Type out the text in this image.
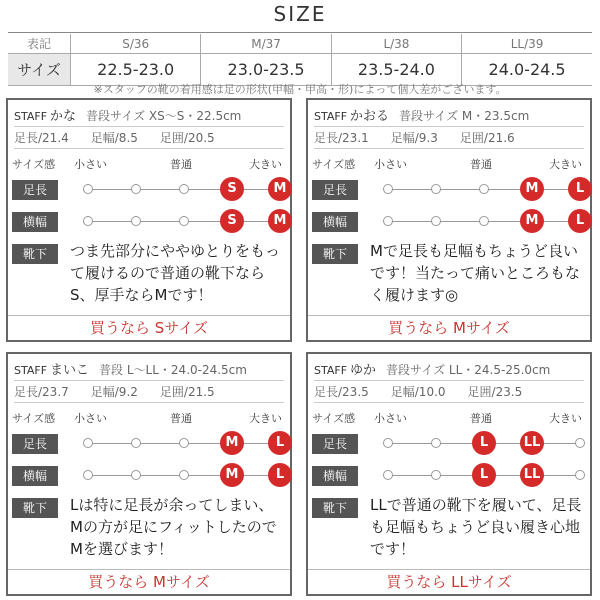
SIZE
表記	S/36	M/37	L/38	LL/39
サイズ	22.5-23.0	23.0-23.5	23.5-24.0	24.0-24.5
※スタッフの靴の着用感は足の形状(甲幅・甲高・形)によって個人差がございます。
STAFF かな 普段サイズ XS〜S・22.5cm
足長/21.4 足幅/8.5 足囲/20.5
サイズ感 小さい	普通	大きい
足長
横幅
靴下
S	M
S	M
つま先部分にややゆとりをもって履けるので普通の靴下ならS、厚手ならMです！
買うなら Sサイズ
STAFF かおる 普段サイズ M・23.5cm
足長/23.1 足幅/9.3 足囲/21.6
サイズ感 小さい	普通	大きい
足長
横幅
靴下
M	L
M	L
Mで足長も足幅もちょうど良いです！当たって痛いところもなく履けます◎
買うなら Mサイズ
STAFF まいこ 普段 L〜LL・24.0-24.5cm
足長/23.7 足幅/9.2 足囲/21.5
サイズ感 小さい	普通	大きい
足長
横幅
靴下
M	L
M	L
Lは特に足長が余ってしまい、Mの方が足にフィットしたのでMを選びます！
買うなら Mサイズ
STAFF ゆか 普段サイズ LL・24.5-25.0cm
足長/23.5 足幅/10.0 足囲/23.5
サイズ感 小さい	普通	大きい
足長
横幅
靴下
L	LL
L	LL
LLで普通の靴下を履いて、足長も足幅もちょうど良い履き心地です！
買うなら LLサイズ
